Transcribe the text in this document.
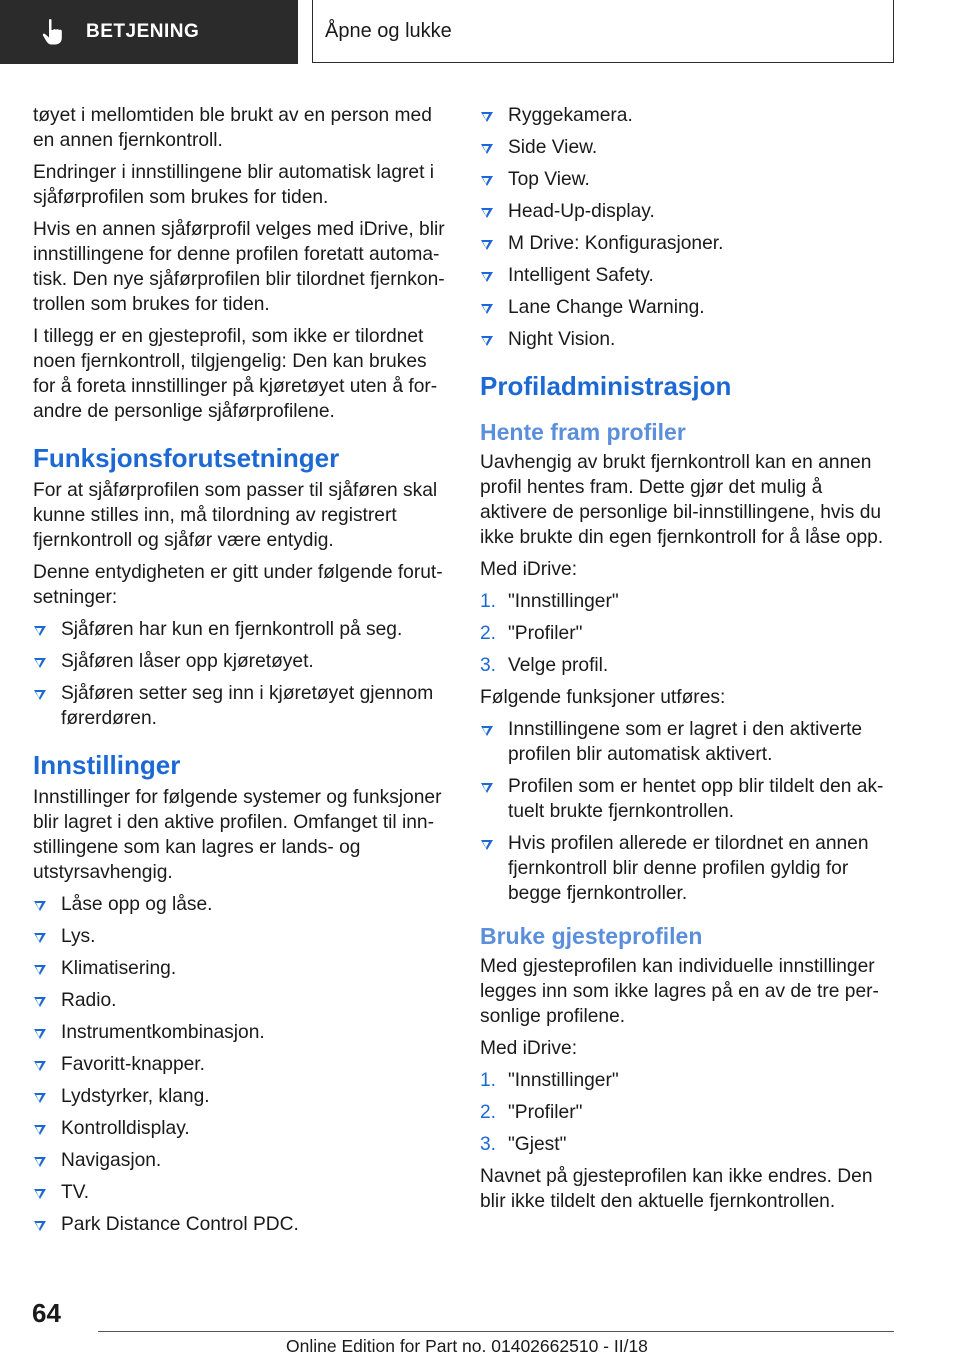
BETJENING	Åpne og lukke

tøyet i mellomtiden ble brukt av en person med en annen fjernkontroll.

Endringer i innstillingene blir automatisk lagret i sjåførprofilen som brukes for tiden.

Hvis en annen sjåførprofil velges med iDrive, blir innstillingene for denne profilen foretatt automatisk. Den nye sjåførprofilen blir tilordnet fjernkontrollen som brukes for tiden.

I tillegg er en gjesteprofil, som ikke er tilordnet noen fjernkontroll, tilgjengelig: Den kan brukes for å foreta innstillinger på kjøretøyet uten å forandre de personlige sjåførprofilene.

Funksjonsforutsetninger

For at sjåførprofilen som passer til sjåføren skal kunne stilles inn, må tilordning av registrert fjernkontroll og sjåfør være entydig.

Denne entydigheten er gitt under følgende forutsetninger:

Sjåføren har kun en fjernkontroll på seg.
Sjåføren låser opp kjøretøyet.
Sjåføren setter seg inn i kjøretøyet gjennom førerdøren.
Innstillinger

Innstillinger for følgende systemer og funksjoner blir lagret i den aktive profilen. Omfanget til innstillingene som kan lagres er lands- og utstyrsavhengig.

Låse opp og låse.
Lys.
Klimatisering.
Radio.
Instrumentkombinasjon.
Favoritt-knapper.
Lydstyrker, klang.
Kontrolldisplay.
Navigasjon.
TV.
Park Distance Control PDC.
Ryggekamera.
Side View.
Top View.
Head-Up-display.
M Drive: Konfigurasjoner.
Intelligent Safety.
Lane Change Warning.
Night Vision.
Profiladministrasjon
Hente fram profiler

Uavhengig av brukt fjernkontroll kan en annen profil hentes fram. Dette gjør det mulig å aktivere de personlige bil-innstillingene, hvis du ikke brukte din egen fjernkontroll for å låse opp.

Med iDrive:

1. "Innstillinger"
2. "Profiler"
3. Velge profil.

Følgende funksjoner utføres:

Innstillingene som er lagret i den aktiverte profilen blir automatisk aktivert.
Profilen som er hentet opp blir tildelt den aktuelt brukte fjernkontrollen.
Hvis profilen allerede er tilordnet en annen fjernkontroll blir denne profilen gyldig for begge fjernkontroller.
Bruke gjesteprofilen

Med gjesteprofilen kan individuelle innstillinger legges inn som ikke lagres på en av de tre personlige profilene.

Med iDrive:

1. "Innstillinger"
2. "Profiler"
3. "Gjest"

Navnet på gjesteprofilen kan ikke endres. Den blir ikke tildelt den aktuelle fjernkontrollen.

64
Online Edition for Part no. 01402662510 - II/18
